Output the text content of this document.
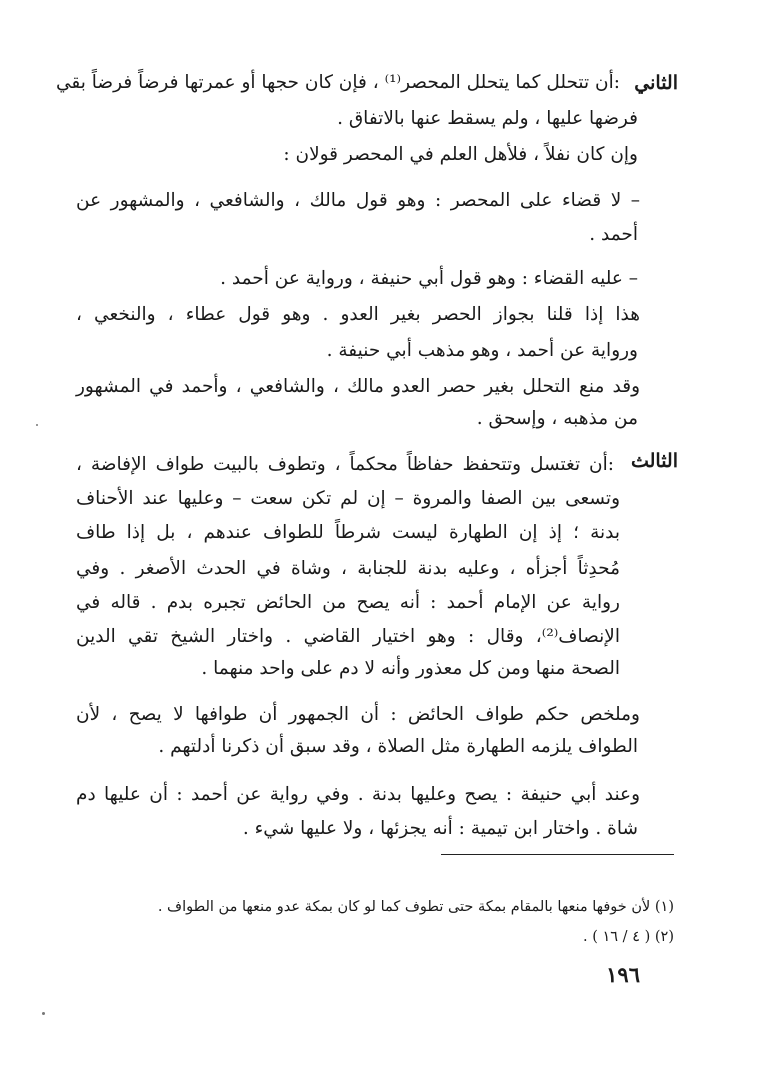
الثاني
:أن تتحلل كما يتحلل المحصر⁽¹⁾ ، فإن كان حجها أو عمرتها فرضاً فرضاً بقي
فرضها عليها ، ولم يسقط عنها بالاتفاق .
وإن كان نفلاً ، فلأهل العلم في المحصر قولان :
– لا قضاء على المحصر : وهو قول مالك ، والشافعي ، والمشهور عن
أحمد .
– عليه القضاء : وهو قول أبي حنيفة ، ورواية عن أحمد .
هذا إذا قلنا بجواز الحصر بغير العدو . وهو قول عطاء ، والنخعي ،
ورواية عن أحمد ، وهو مذهب أبي حنيفة .
وقد منع التحلل بغير حصر العدو مالك ، والشافعي ، وأحمد في المشهور
من مذهبه ، وإسحق .
الثالث
:أن تغتسل وتتحفظ حفاظاً محكماً ، وتطوف بالبيت طواف الإفاضة ،
وتسعى بين الصفا والمروة – إن لم تكن سعت – وعليها عند الأحناف
بدنة ؛ إذ إن الطهارة ليست شرطاً للطواف عندهم ، بل إذا طاف
مُحدِثاً أجزأه ، وعليه بدنة للجنابة ، وشاة في الحدث الأصغر . وفي
رواية عن الإمام أحمد : أنه يصح من الحائض تجبره بدم . قاله في
الإنصاف⁽²⁾، وقال : وهو اختيار القاضي . واختار الشيخ تقي الدين
الصحة منها ومن كل معذور وأنه لا دم على واحد منهما .
وملخص حكم طواف الحائض : أن الجمهور أن طوافها لا يصح ، لأن
الطواف يلزمه الطهارة مثل الصلاة ، وقد سبق أن ذكرنا أدلتهم .
وعند أبي حنيفة : يصح وعليها بدنة . وفي رواية عن أحمد : أن عليها دم
شاة . واختار ابن تيمية : أنه يجزئها ، ولا عليها شيء .
(١) لأن خوفها منعها بالمقام بمكة حتى تطوف كما لو كان بمكة عدو منعها من الطواف .
(٢) ( ٤ / ١٦ ) .
١٩٦
